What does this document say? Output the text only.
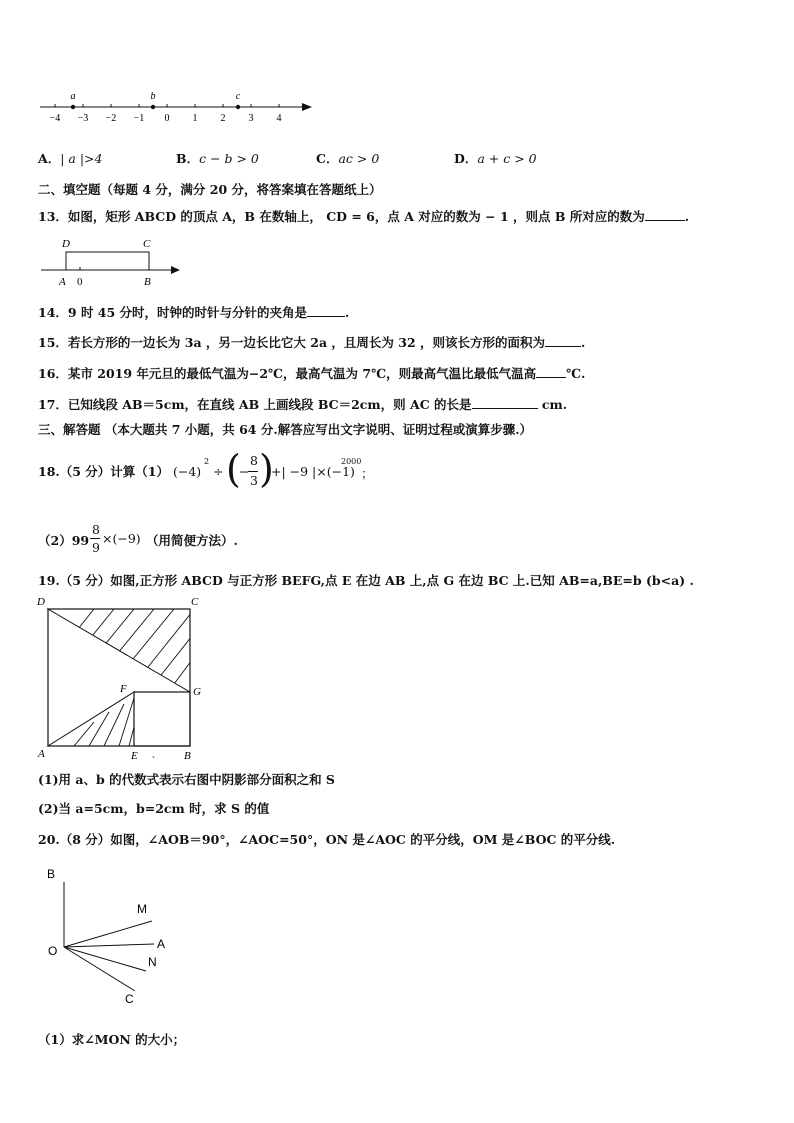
a	b	c
−4 −3 −2 −1 0 1 2 3 4
A．| a |>4	B．c − b > 0	C．ac > 0	D．a + c > 0
二、填空题（每题 4 分，满分 20 分，将答案填在答题纸上）
13．如图，矩形 ABCD 的顶点 A，B 在数轴上， CD = 6，点 A 对应的数为 − 1 ，则点 B 所对应的数为	.
D	C
A 0	B
14．9 时 45 分时，时钟的时针与分针的夹角是	.
15．若长方形的一边长为 3a ，另一边长比它大 2a ，且周长为 32 ，则该长方形的面积为	.
16．某市 2019 年元旦的最低气温为−2℃，最高气温为 7℃，则最高气温比最低气温高 ℃.
17．已知线段 AB＝5cm，在直线 AB 上画线段 BC＝2cm，则 AC 的长是	cm.
三、解答题 （本大题共 7 小题，共 64 分.解答应写出文字说明、证明过程或演算步骤.）
18.（5 分）计算（1） (−4)
2
÷ (
−
8
3 )
+| −9 |×(−1)
2000
；
（2）99
8
9
×(−9) （用简便方法）.
19.（5 分）如图,正方形 ABCD 与正方形 BEFG,点 E 在边 AB 上,点 G 在边 BC 上.已知 AB=a,BE=b (b<a) .
D	C
F	G
A	E 、 B
(1)用 a、b 的代数式表示右图中阴影部分面积之和 S
(2)当 a=5cm，b=2cm 时，求 S 的值
20.（8 分）如图，∠AOB＝90°，∠AOC=50°，ON 是∠AOC 的平分线，OM 是∠BOC 的平分线.
B
M
O	A
N
C
（1）求∠MON 的大小；
